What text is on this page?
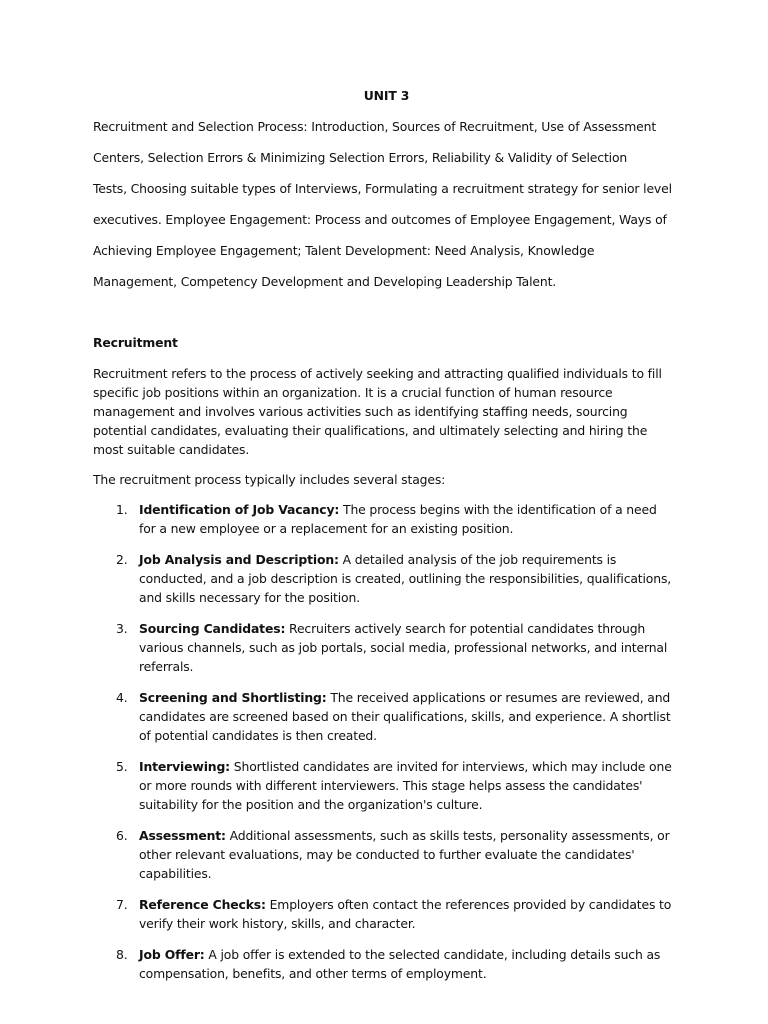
UNIT 3
Recruitment and Selection Process: Introduction, Sources of Recruitment, Use of Assessment
Centers, Selection Errors & Minimizing Selection Errors, Reliability & Validity of Selection
Tests, Choosing suitable types of Interviews, Formulating a recruitment strategy for senior level
executives. Employee Engagement: Process and outcomes of Employee Engagement, Ways of
Achieving Employee Engagement; Talent Development: Need Analysis, Knowledge
Management, Competency Development and Developing Leadership Talent.
Recruitment

Recruitment refers to the process of actively seeking and attracting qualified individuals to fill specific job positions within an organization. It is a crucial function of human resource management and involves various activities such as identifying staffing needs, sourcing potential candidates, evaluating their qualifications, and ultimately selecting and hiring the most suitable candidates.

The recruitment process typically includes several stages:

1. Identification of Job Vacancy: The process begins with the identification of a need for a new employee or a replacement for an existing position.
2. Job Analysis and Description: A detailed analysis of the job requirements is conducted, and a job description is created, outlining the responsibilities, qualifications, and skills necessary for the position.
3. Sourcing Candidates: Recruiters actively search for potential candidates through various channels, such as job portals, social media, professional networks, and internal referrals.
4. Screening and Shortlisting: The received applications or resumes are reviewed, and candidates are screened based on their qualifications, skills, and experience. A shortlist of potential candidates is then created.
5. Interviewing: Shortlisted candidates are invited for interviews, which may include one or more rounds with different interviewers. This stage helps assess the candidates' suitability for the position and the organization's culture.
6. Assessment: Additional assessments, such as skills tests, personality assessments, or other relevant evaluations, may be conducted to further evaluate the candidates' capabilities.
7. Reference Checks: Employers often contact the references provided by candidates to verify their work history, skills, and character.
8. Job Offer: A job offer is extended to the selected candidate, including details such as compensation, benefits, and other terms of employment.
